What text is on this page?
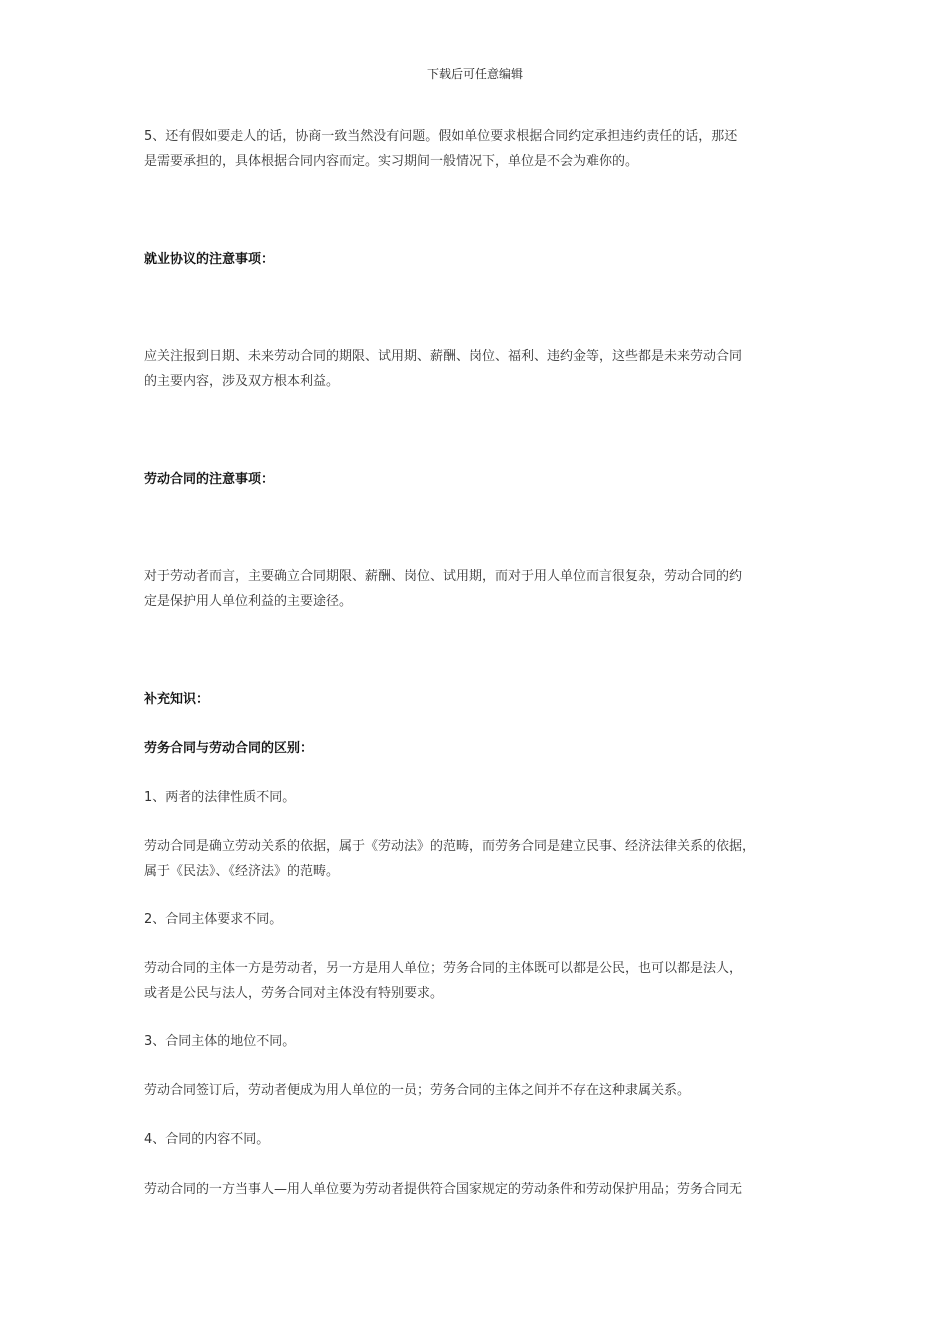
下载后可任意编辑

5、还有假如要走人的话，协商一致当然没有问题。假如单位要求根据合同约定承担违约责任的话，那还
是需要承担的，具体根据合同内容而定。实习期间一般情况下，单位是不会为难你的。

就业协议的注意事项：

应关注报到日期、未来劳动合同的期限、试用期、薪酬、岗位、福利、违约金等，这些都是未来劳动合同
的主要内容，涉及双方根本利益。

劳动合同的注意事项：

对于劳动者而言，主要确立合同期限、薪酬、岗位、试用期，而对于用人单位而言很复杂，劳动合同的约
定是保护用人单位利益的主要途径。

补充知识：

劳务合同与劳动合同的区别：

1、两者的法律性质不同。

劳动合同是确立劳动关系的依据，属于《劳动法》的范畴，而劳务合同是建立民事、经济法律关系的依据，
属于《民法》、《经济法》的范畴。

2、合同主体要求不同。

劳动合同的主体一方是劳动者，另一方是用人单位；劳务合同的主体既可以都是公民，也可以都是法人，
或者是公民与法人，劳务合同对主体没有特别要求。

3、合同主体的地位不同。

劳动合同签订后，劳动者便成为用人单位的一员；劳务合同的主体之间并不存在这种隶属关系。

4、合同的内容不同。

劳动合同的一方当事人—用人单位要为劳动者提供符合国家规定的劳动条件和劳动保护用品；劳务合同无
